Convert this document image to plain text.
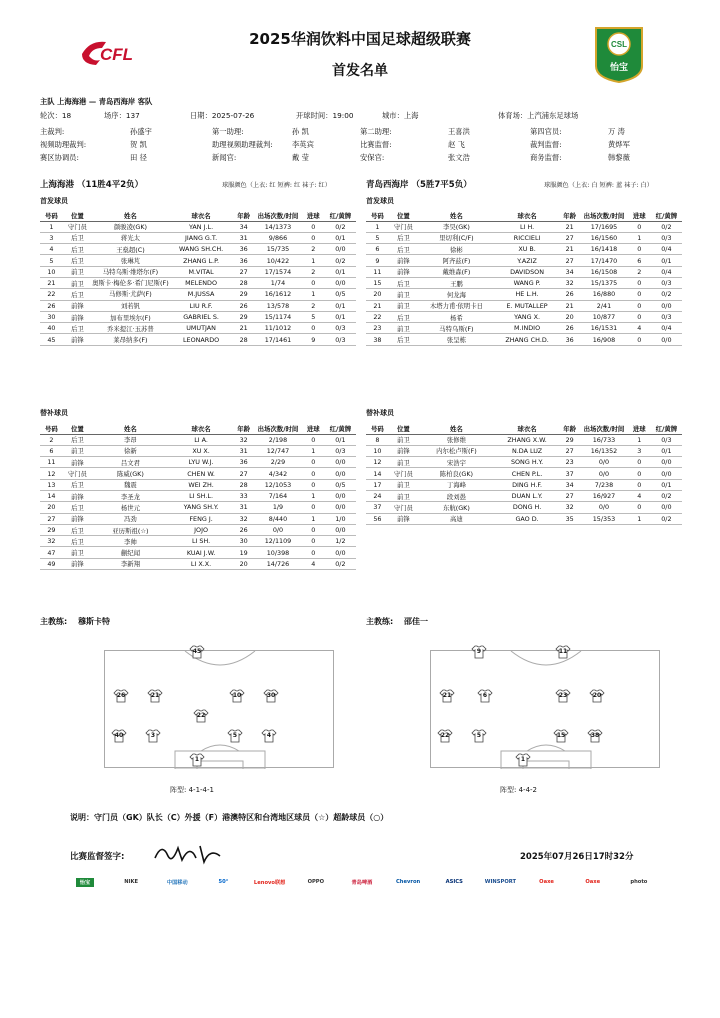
CFL
2025华润饮料中国足球超级联赛
首发名单
CSL
怡宝
主队 上海海港 — 青岛西海岸 客队
轮次：18	场序：137	日期：2025-07-26	开球时间：19:00	城市：上海	体育场：上汽浦东足球场
主裁判:	孙盛宇	第一助理:	孙 凯	第二助理:	王喜洪	第四官员:	万 涛
视频助理裁判:	贺 凯	助理视频助理裁判:	李英宾	比赛监督:	赵 飞	裁判监督:	黄烨军
赛区协调员:	田 径	新闻官:	戴 莹	安保官:	张文浩	商务监督:	韩黎薇
上海海港 （11胜4平2负）	球服颜色（上衣: 红 短裤: 红 袜子: 红）	青岛西海岸 （5胜7平5负）	球服颜色（上衣: 白 短裤: 蓝 袜子: 白）
首发球员	首发球员
号码	位置	姓名	球衣名	年龄	出场次数/时间	进球	红/黄牌
1	守门员	颜骏凌(GK)	YAN J.L.	34	14/1373	0	0/2
3	后卫	蒋光太	JIANG G.T.	31	9/866	0	0/1
4	后卫	王燊超(C)	WANG SH.CH.	36	15/735	2	0/0
5	后卫	张琳芃	ZHANG L.P.	36	10/422	1	0/2
10	前卫	马特乌斯·维塔尔(F)	M.VITAL	27	17/1574	2	0/1
21	前卫	奥斯卡·梅伦多·希门尼斯(F)	MELENDO	28	1/74	0	0/0
22	后卫	马修斯·尤萨(F)	M.JUSSA	29	16/1612	1	0/5
26	前锋	刘若钒	LIU R.F.	26	13/578	2	0/1
30	前锋	加布里埃尔(F)	GABRIEL S.	29	15/1174	5	0/1
40	后卫	乔米提江·玉苏普	UMUTJAN	21	11/1012	0	0/3
45	前锋	莱昂纳多(F)	LEONARDO	28	17/1461	9	0/3
号码	位置	姓名	球衣名	年龄	出场次数/时间	进球	红/黄牌
1	守门员	李昊(GK)	LI H.	21	17/1695	0	0/2
5	后卫	里切利(C/F)	RICCIELI	27	16/1560	1	0/3
6	后卫	徐彬	XU B.	21	16/1418	0	0/4
9	前锋	阿齐兹(F)	Y.AZIZ	27	17/1470	6	0/1
11	前锋	戴维森(F)	DAVIDSON	34	16/1508	2	0/4
15	后卫	王鹏	WANG P.	32	15/1375	0	0/3
20	前卫	何龙海	HE L.H.	26	16/880	0	0/2
21	前卫	木塔力甫·依明卡日	E. MUTALLEP	21	2/41	0	0/0
22	后卫	杨希	YANG X.	20	10/877	0	0/3
23	前卫	马特乌斯(F)	M.INDIO	26	16/1531	4	0/4
38	后卫	张呈栋	ZHANG CH.D.	36	16/908	0	0/0
替补球员	替补球员
号码	位置	姓名	球衣名	年龄	出场次数/时间	进球	红/黄牌
2	后卫	李昂	LI A.	32	2/198	0	0/1
6	前卫	徐新	XU X.	31	12/747	1	0/3
11	前锋	吕文君	LYU W.J.	36	2/29	0	0/0
12	守门员	陈威(GK)	CHEN W.	27	4/342	0	0/0
13	后卫	魏震	WEI ZH.	28	12/1053	0	0/5
14	前锋	李圣龙	LI SH.L.	33	7/164	1	0/0
20	后卫	杨世元	YANG SH.Y.	31	1/9	0	0/0
27	前锋	冯劲	FENG J.	32	8/440	1	1/0
29	后卫	亚历斯祖(☆)	JOJO	26	0/0	0	0/0
32	后卫	李帅	LI SH.	30	12/1109	0	1/2
47	前卫	蒯纪闻	KUAI J.W.	19	10/398	0	0/0
49	前锋	李新翔	LI X.X.	20	14/726	4	0/2
号码	位置	姓名	球衣名	年龄	出场次数/时间	进球	红/黄牌
8	前卫	张修维	ZHANG X.W.	29	16/733	1	0/3
10	前锋	内尔松卢斯(F)	N.DA LUZ	27	16/1352	3	0/1
12	前卫	宋浩宇	SONG H.Y.	23	0/0	0	0/0
14	守门员	陈柏良(GK)	CHEN P.L.	37	0/0	0	0/0
17	前卫	丁海峰	DING H.F.	34	7/238	0	0/1
24	前卫	段刘愚	DUAN L.Y.	27	16/927	4	0/2
37	守门员	东航(GK)	DONG H.	32	0/0	0	0/0
56	前锋	高迪	GAO D.	35	15/353	1	0/2
主教练: 穆斯卡特	主教练: 邵佳一
45
26	21	10	30
22
40	3	5	4
1
9	11
21	6	23	20
22	5	15	38
1
阵型: 4-1-4-1	阵型: 4-4-2
说明：守门员（GK）队长（C）外援（F）港澳特区和台湾地区球员（☆）超龄球员（○）
比赛监督签字:	2025年07月26日17时32分
怡宝	NIKE	中国移动	50°	Lenovo联想	OPPO	青岛啤酒	Chevron	ASICS	WINSPORT	Oaxe	Oaxe	photo
